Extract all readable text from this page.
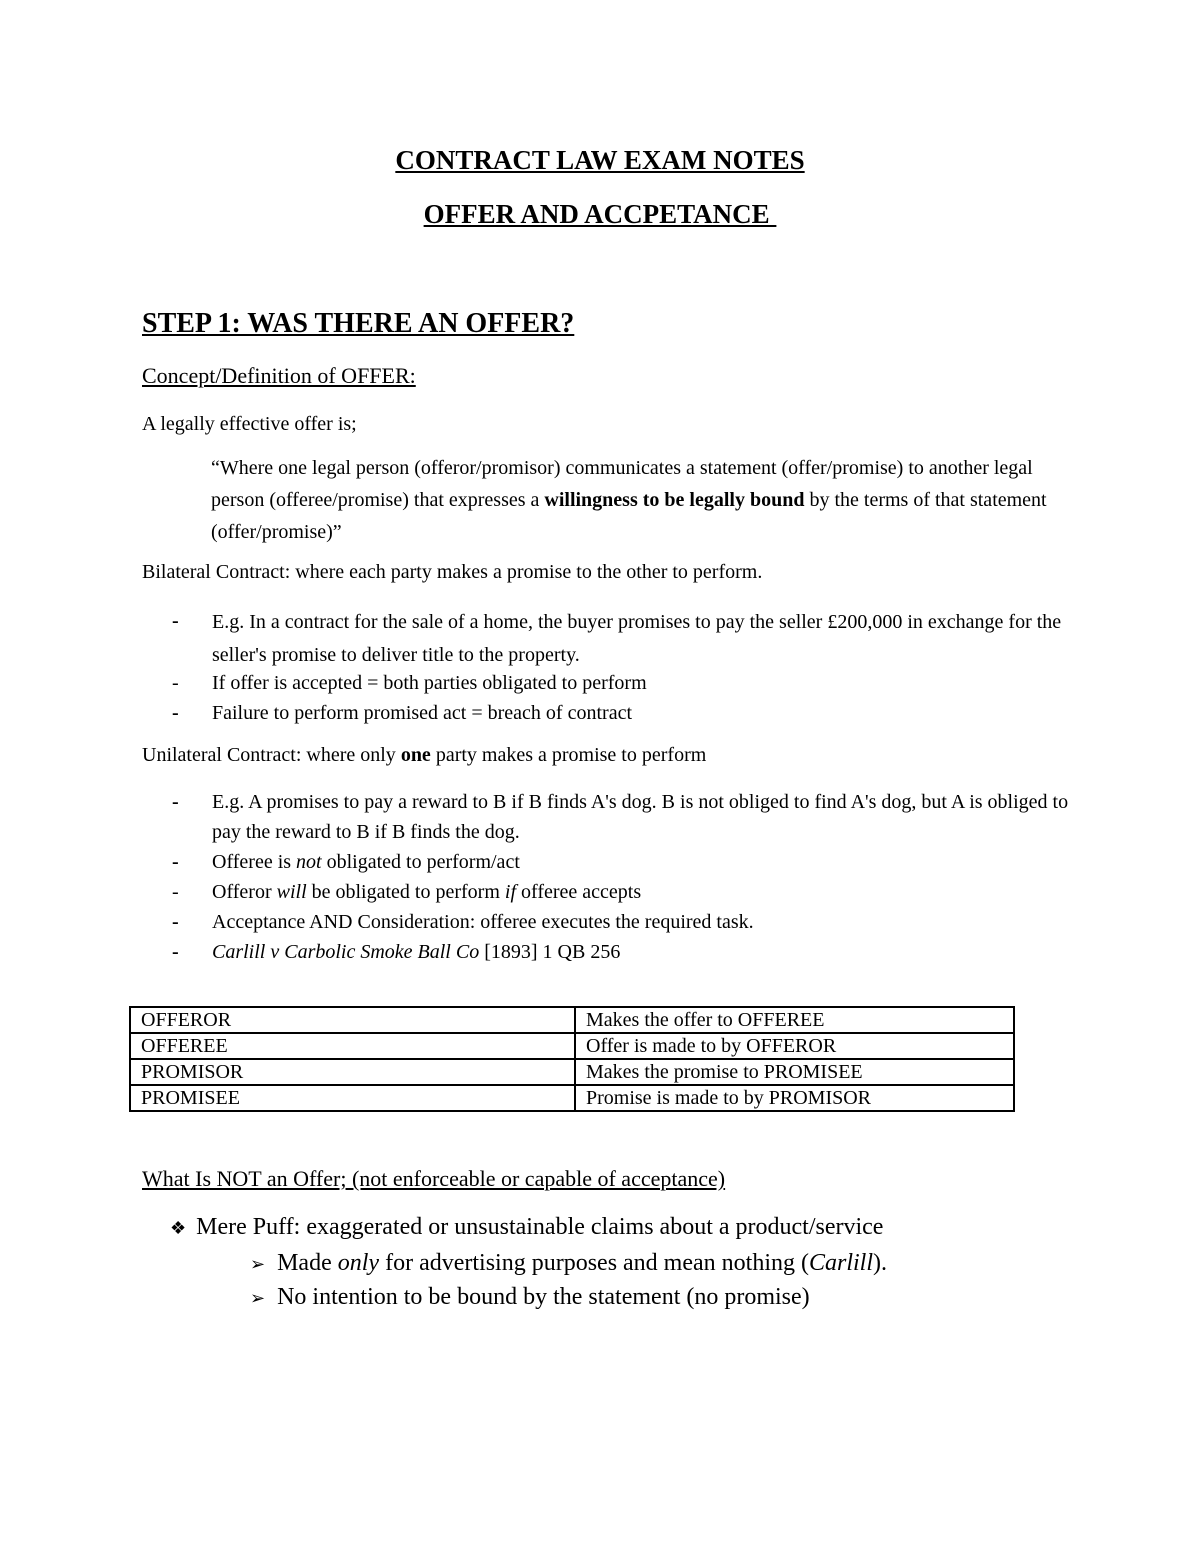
CONTRACT LAW EXAM NOTES
OFFER AND ACCPETANCE
STEP 1: WAS THERE AN OFFER?
Concept/Definition of OFFER:
A legally effective offer is;
“Where one legal person (offeror/promisor) communicates a statement (offer/promise) to another legal person (offeree/promise) that expresses a willingness to be legally bound by the terms of that statement (offer/promise)”
Bilateral Contract: where each party makes a promise to the other to perform.
-	E.g. In a contract for the sale of a home, the buyer promises to pay the seller £200,000 in exchange for the seller's promise to deliver title to the property.
-	If offer is accepted = both parties obligated to perform
-	Failure to perform promised act = breach of contract
Unilateral Contract: where only one party makes a promise to perform
-	E.g. A promises to pay a reward to B if B finds A's dog. B is not obliged to find A's dog, but A is obliged to pay the reward to B if B finds the dog.
-	Offeree is not obligated to perform/act
-	Offeror will be obligated to perform if offeree accepts
-	Acceptance AND Consideration: offeree executes the required task.
-	Carlill v Carbolic Smoke Ball Co [1893] 1 QB 256
OFFEROR	Makes the offer to OFFEREE
OFFEREE	Offer is made to by OFFEROR
PROMISOR	Makes the promise to PROMISEE
PROMISEE	Promise is made to by PROMISOR
What Is NOT an Offer; (not enforceable or capable of acceptance)
❖ Mere Puff: exaggerated or unsustainable claims about a product/service
➢ Made only for advertising purposes and mean nothing (Carlill).
➢ No intention to be bound by the statement (no promise)
